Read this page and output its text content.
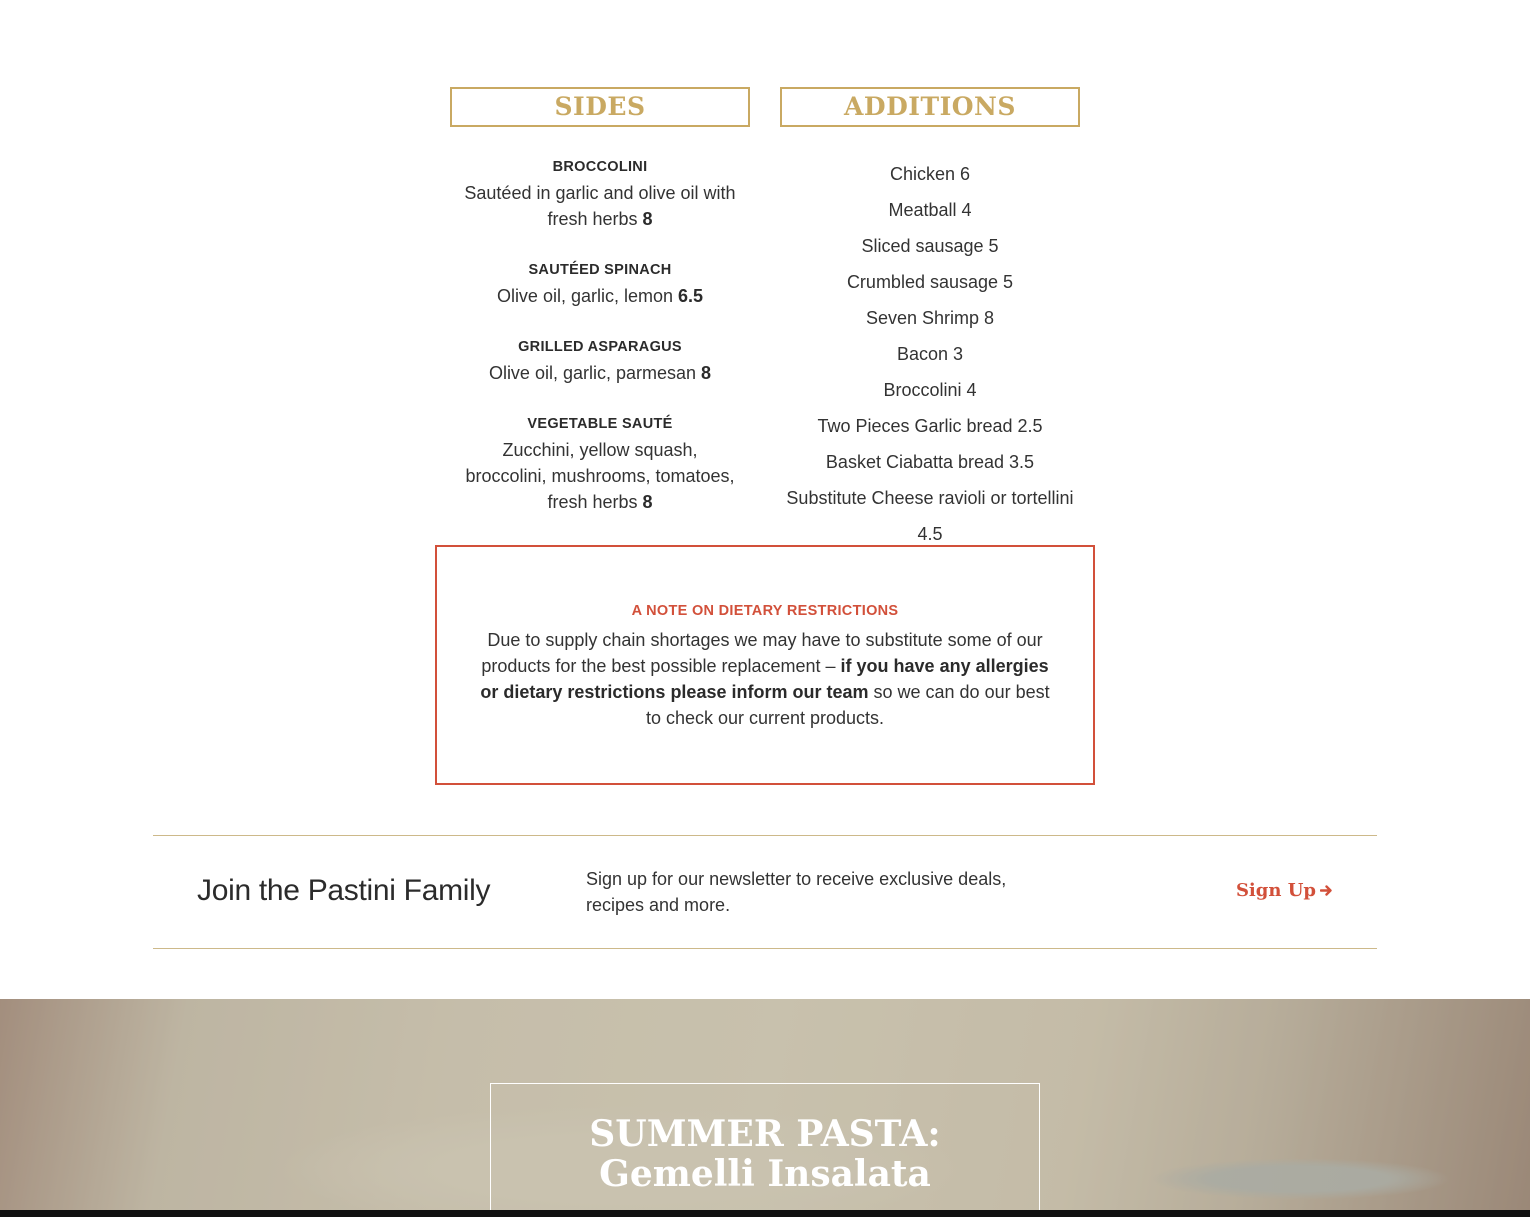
SIDES
BROCCOLINI
Sautéed in garlic and olive oil with fresh herbs 8
SAUTÉED SPINACH
Olive oil, garlic, lemon 6.5
GRILLED ASPARAGUS
Olive oil, garlic, parmesan 8
VEGETABLE SAUTÉ
Zucchini, yellow squash, broccolini, mushrooms, tomatoes, fresh herbs 8
ADDITIONS
Chicken 6
Meatball 4
Sliced sausage 5
Crumbled sausage 5
Seven Shrimp 8
Bacon 3
Broccolini 4
Two Pieces Garlic bread 2.5
Basket Ciabatta bread 3.5
Substitute Cheese ravioli or tortellini 4.5
A NOTE ON DIETARY RESTRICTIONS
Due to supply chain shortages we may have to substitute some of our products for the best possible replacement – if you have any allergies or dietary restrictions please inform our team so we can do our best to check our current products.
Join the Pastini Family	Sign up for our newsletter to receive exclusive deals, recipes and more.
Sign Up
SUMMER PASTA: Gemelli Insalata
